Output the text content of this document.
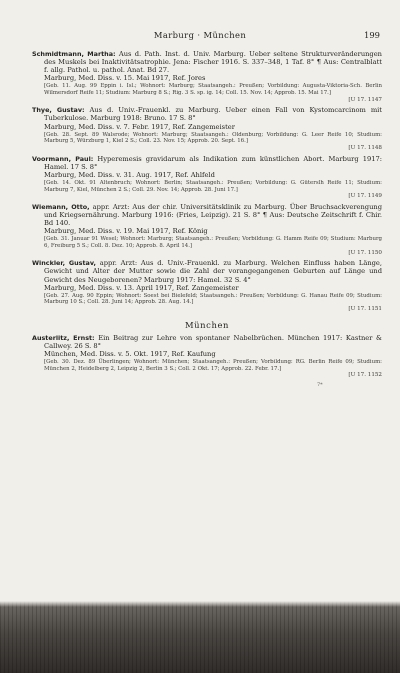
Marburg · München	199

Schmidtmann, Martha: Aus d. Path. Inst. d. Univ. Marburg. Ueber seltene Strukturveränderungen des Muskels bei Inaktivitätsatrophie. Jena: Fischer 1916. S. 337–348, 1 Taf. 8° ¶ Aus: Centralblatt f. allg. Pathol. u. pathol. Anat. Bd 27.

Marburg, Med. Diss. v. 15. Mai 1917, Ref. Jores

[Geb. 11. Aug. 99 Eppin i. Isl.; Wohnort: Marburg; Staatsangeh.: Preußen; Vorbildung: Augusta-Viktoria-Sch. Berlin Wilmersdorf Reife 11; Studium: Marburg 8 S.; Rig. 3 S. sp. ig. 14; Coll. 15. Nov. 14; Approb. 15. Mai 17.]

[U 17. 1147

Thye, Gustav: Aus d. Univ.-Frauenkl. zu Marburg. Ueber einen Fall von Kystomcarcinom mit Tuberkulose. Marburg 1918: Bruno. 17 S. 8°

Marburg, Med. Diss. v. 7. Febr. 1917, Ref. Zangemeister

[Geb. 28. Sept. 89 Walsrode; Wohnort: Marburg; Staatsangeh.: Oldenburg; Vorbildung: G. Leer Reife 10; Studium: Marburg 5, Würzburg 1, Kiel 2 S.; Coll. 23. Nov. 15; Approb. 20. Sept. 16.]

[U 17. 1148

Voormann, Paul: Hyperemesis gravidarum als Indikation zum künstlichen Abort. Marburg 1917: Hamel. 17 S. 8°

Marburg, Med. Diss. v. 31. Aug. 1917, Ref. Ahlfeld

[Geb. 14. Okt. 91 Altenbruch; Wohnort: Berlin; Staatsangeh.: Preußen; Vorbildung: G. Güterslh Reife 11; Studium: Marburg 7, Kiel, München 2 S.; Coll. 29. Nov. 14; Approb. 28. Juni 17.]

[U 17. 1149

Wiemann, Otto, appr. Arzt: Aus der chir. Universitätsklinik zu Marburg. Über Bruchsackverengung und Kriegsernährung. Marburg 1916: (Fries, Leipzig). 21 S. 8° ¶ Aus: Deutsche Zeitschrift f. Chir. Bd 140.

Marburg, Med. Diss. v. 19. Mai 1917, Ref. König

[Geb. 31. Januar 91 Wesel; Wohnort: Marburg; Staatsangeh.: Preußen; Vorbildung: G. Hamm Reife 09; Studium: Marburg 6, Freiburg 5 S.; Coll. 8. Dez. 10; Approb. 8. April 14.]

[U 17. 1150

Winckler, Gustav, appr. Arzt: Aus d. Univ.-Frauenkl. zu Marburg. Welchen Einfluss haben Länge, Gewicht und Alter der Mutter sowie die Zahl der vorangegangenen Geburten auf Länge und Gewicht des Neugeborenen? Marburg 1917: Hamel. 32 S. 4°

Marburg, Med. Diss. v. 13. April 1917, Ref. Zangemeister

[Geb. 27. Aug. 90 Eppin; Wohnort: Soest bei Bielefeld; Staatsangeh.: Preußen; Vorbildung: G. Hanau Reife 09; Studium: Marburg 10 S.; Coll. 28. Juni 14; Approb. 28. Aug. 14.]

[U 17. 1151

München

Austerlitz, Ernst: Ein Beitrag zur Lehre von spontaner Nabelbrüchen. München 1917: Kastner & Callwey. 26 S. 8°

München, Med. Diss. v. 5. Okt. 1917, Ref. Kaufung

[Geb. 30. Dez. 89 Überlingen; Wohnort: München; Staatsangeh.: Preußen; Vorbildung: RG. Berlin Reife 09; Studium: München 2, Heidelberg 2, Leipzig 2, Berlin 3 S.; Coll. 2 Okt. 17; Approb. 22. Febr. 17.]

[U 17. 1152

7*
